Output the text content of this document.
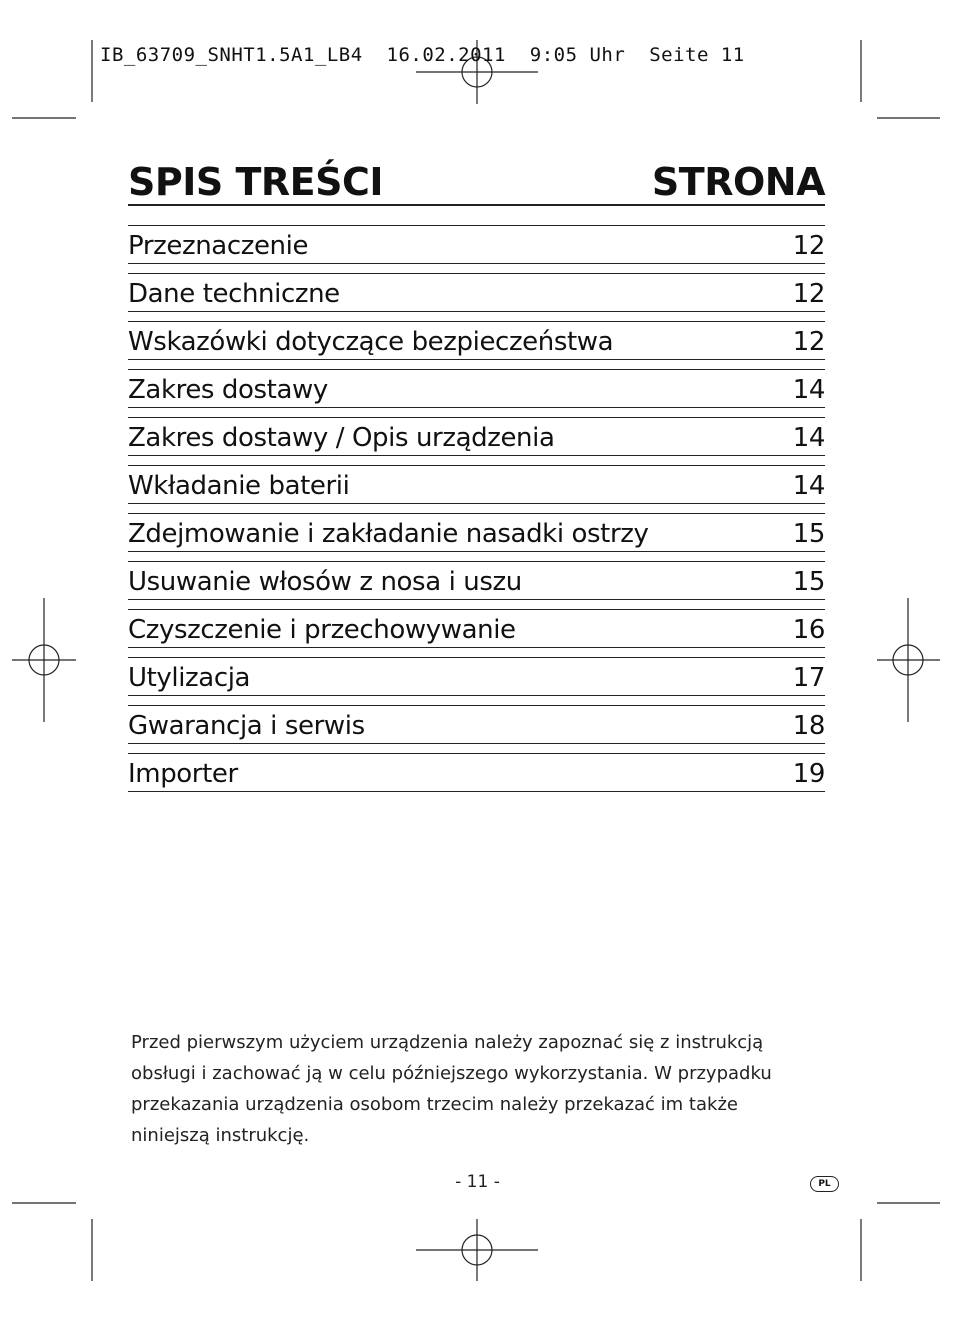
IB_63709_SNHT1.5A1_LB4  16.02.2011  9:05 Uhr  Seite 11
SPIS TREŚCI	STRONA
Przeznaczenie	12
Dane techniczne	12
Wskazówki dotyczące bezpieczeństwa	12
Zakres dostawy	14
Zakres dostawy / Opis urządzenia	14
Wkładanie baterii	14
Zdejmowanie i zakładanie nasadki ostrzy	15
Usuwanie włosów z nosa i uszu	15
Czyszczenie i przechowywanie	16
Utylizacja	17
Gwarancja i serwis	18
Importer	19
Przed pierwszym użyciem urządzenia należy zapoznać się z instrukcją
obsługi i zachować ją w celu późniejszego wykorzystania. W przypadku
przekazania urządzenia osobom trzecim należy przekazać im także
niniejszą instrukcję.
- 11 -	PL
